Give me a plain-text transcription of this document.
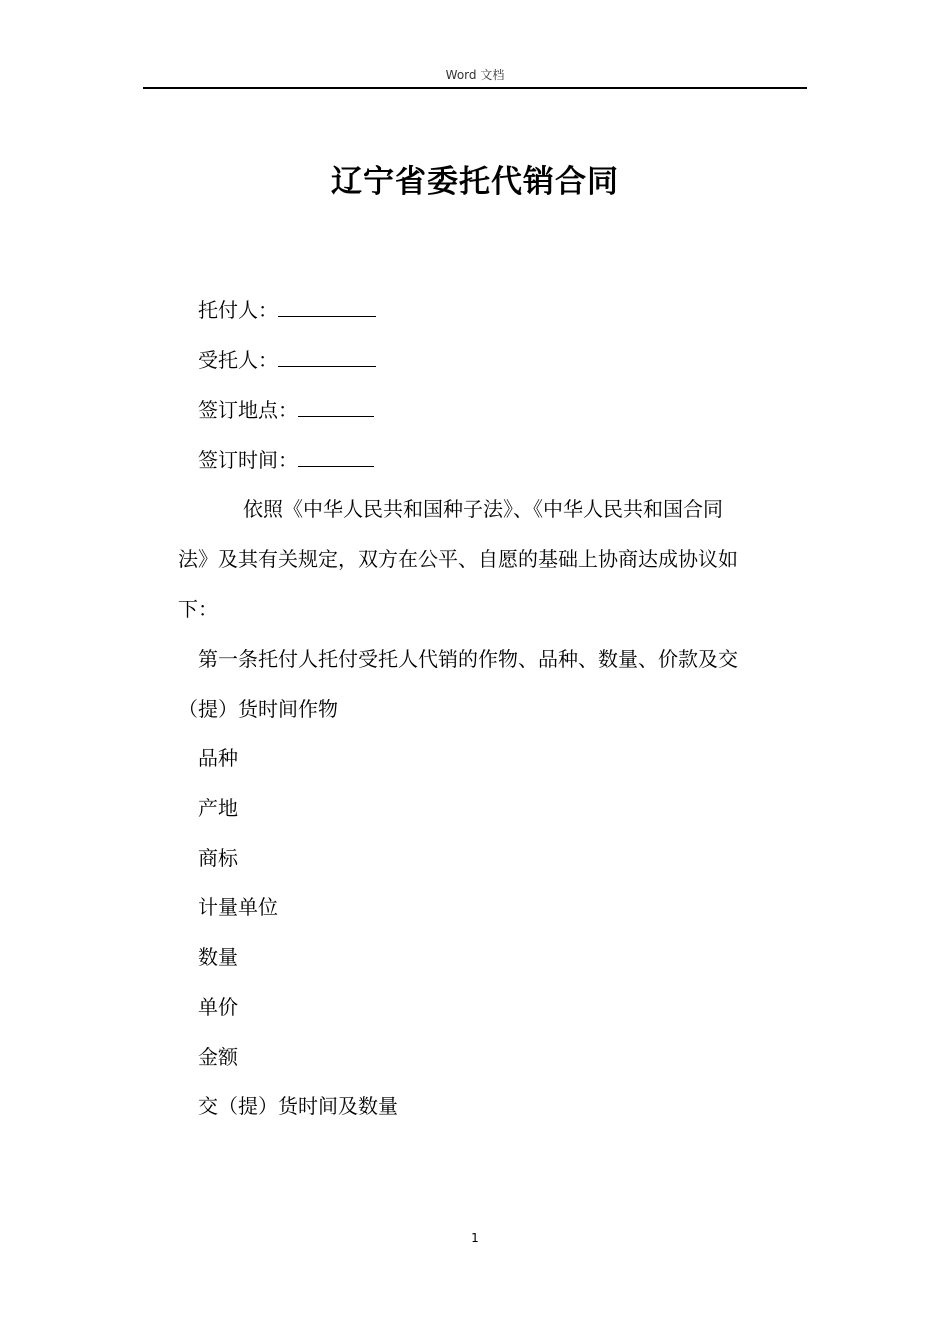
Word 文档
辽宁省委托代销合同
托付人：
受托人：
签订地点：
签订时间：
依照《中华人民共和国种子法》、《中华人民共和国合同
法》及其有关规定，双方在公平、自愿的基础上协商达成协议如
下：
第一条托付人托付受托人代销的作物、品种、数量、价款及交
（提）货时间作物
品种
产地
商标
计量单位
数量
单价
金额
交（提）货时间及数量
1
